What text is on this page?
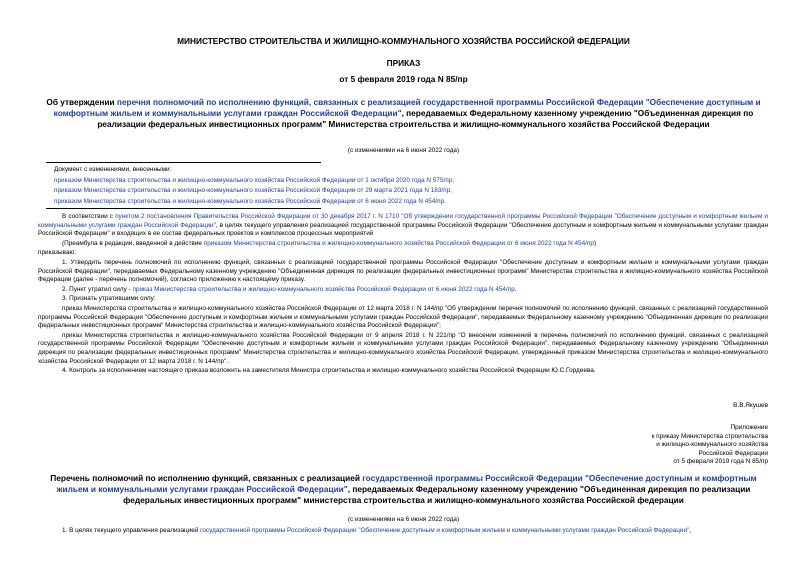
МИНИСТЕРСТВО СТРОИТЕЛЬСТВА И ЖИЛИЩНО-КОММУНАЛЬНОГО ХОЗЯЙСТВА РОССИЙСКОЙ ФЕДЕРАЦИИ
ПРИКАЗ
от 5 февраля 2019 года N 85/пр
Об утверждении перечня полномочий по исполнению функций, связанных с реализацией государственной программы Российской Федерации "Обеспечение доступным и комфортным жильем и коммунальными услугами граждан Российской Федерации", передаваемых Федеральному казенному учреждению "Объединенная дирекция по реализации федеральных инвестиционных программ" Министерства строительства и жилищно-коммунального хозяйства Российской Федерации
(с изменениями на 6 июня 2022 года)
Документ с изменениями, внесенными:
приказом Министерства строительства и жилищно-коммунального хозяйства Российской Федерации от 1 октября 2020 года N 575/пр;
приказом Министерства строительства и жилищно-коммунального хозяйства Российской Федерации от 29 марта 2021 года N 183/пр;
приказом Министерства строительства и жилищно-коммунального хозяйства Российской Федерации от 6 июня 2022 года N 454/пр.

В соответствии с пунктом 2 постановления Правительства Российской Федерации от 30 декабря 2017 г. N 1710 "Об утверждении государственной программы Российской Федерации "Обеспечение доступным и комфортным жильем и коммунальными услугами граждан Российской Федерации", в целях текущего управления реализацией государственной программы Российской Федерации "Обеспечение доступным и комфортным жильем и коммунальными услугами граждан Российской Федерации" и входящих в ее состав федеральных проектов и комплексов процессных мероприятий

(Преамбула в редакции, введенной в действие приказом Министерства строительства и жилищно-коммунального хозяйства Российской Федерации от 6 июня 2022 года N 454/пр)

приказываю:

1. Утвердить перечень полномочий по исполнению функций, связанных с реализацией государственной программы Российской Федерации "Обеспечение доступным и комфортным жильем и коммунальными услугами граждан Российской Федерации", передаваемых Федеральному казенному учреждению "Объединенная дирекция по реализации федеральных инвестиционных программ" Министерства строительства и жилищно-коммунального хозяйства Российской Федерации (далее - перечень полномочий), согласно приложению к настоящему приказу.

2. Пункт утратил силу - приказ Министерства строительства и жилищно-коммунального хозяйства Российской Федерации от 6 июня 2022 года N 454/пр.

3. Признать утратившими силу:

приказ Министерства строительства и жилищно-коммунального хозяйства Российской Федерации от 12 марта 2018 г. N 144/пр "Об утверждении перечня полномочий по исполнению функций, связанных с реализацией государственной программы Российской Федерации "Обеспечение доступным и комфортным жильем и коммунальными услугами граждан Российской Федерации", передаваемых Федеральному казенному учреждению "Объединенная дирекция по реализации федеральных инвестиционных программ" Министерства строительства и жилищно-коммунального хозяйства Российской Федерации";

приказ Министерства строительства и жилищно-коммунального хозяйства Российской Федерации от 9 апреля 2018 г. N 221/пр "О внесении изменений в перечень полномочий по исполнению функций, связанных с реализацией государственной программы Российской Федерации "Обеспечение доступным и комфортным жильем и коммунальными услугами граждан Российской Федерации", передаваемых Федеральному казенному учреждению "Объединенная дирекция по реализации федеральных инвестиционных программ" Министерства строительства и жилищно-коммунального хозяйства Российской Федерации, утвержденный приказом Министерства строительства и жилищно-коммунального хозяйства Российской Федерации от 12 марта 2018 г. N 144/пр".

4. Контроль за исполнением настоящего приказа возложить на заместителя Министра строительства и жилищно-коммунального хозяйства Российской Федерации Ю.С.Гордеева.

В.В.Якушев
Приложение
к приказу Министерства строительства
и жилищно-коммунального хозяйства
Российской Федерации
от 5 февраля 2019 года N 85/пр
Перечень полномочий по исполнению функций, связанных с реализацией государственной программы Российской Федерации "Обеспечение доступным и комфортным жильем и коммунальными услугами граждан Российской Федерации", передаваемых Федеральному казенному учреждению "Объединенная дирекция по реализации федеральных инвестиционных программ" министерства строительства и жилищно-коммунального хозяйства Российской федерации
(с изменениями на 6 июня 2022 года)

1. В целях текущего управления реализацией государственной программы Российской Федерации "Обеспечение доступным и комфортным жильем и коммунальными услугами граждан Российской Федерации",
